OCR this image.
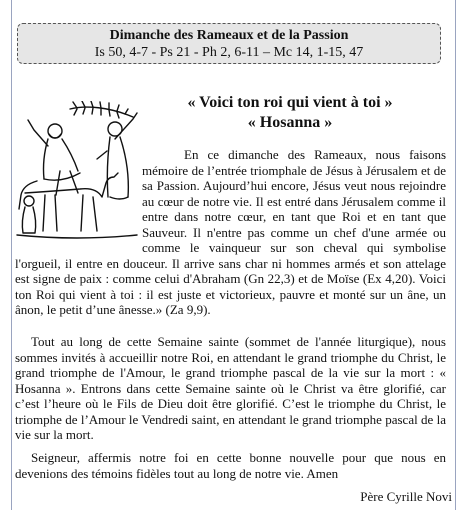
Dimanche des Rameaux et de la Passion
Is 50, 4-7 - Ps 21 - Ph 2, 6-11 – Mc 14, 1-15, 47
« Voici ton roi qui vient à toi »
« Hosanna »
En ce dimanche des Rameaux, nous faisons mémoire de l’entrée triomphale de Jésus à Jérusalem et de sa Passion. Aujourd’hui encore, Jésus veut nous rejoindre au cœur de notre vie. Il est entré dans Jérusalem comme il entre dans notre cœur, en tant que Roi et en tant que Sauveur. Il n'entre pas comme un chef d'une armée ou comme le vainqueur sur son cheval qui symbolise l'orgueil, il entre en douceur. Il arrive sans char ni hommes armés et son attelage est signe de paix : comme celui d'Abraham (Gn 22,3) et de Moïse (Ex 4,20). Voici ton Roi qui vient à toi : il est juste et victorieux, pauvre et monté sur un âne, un ânon, le petit d’une ânesse.» (Za 9,9).

Tout au long de cette Semaine sainte (sommet de l'année liturgique), nous sommes invités à accueillir notre Roi, en attendant le grand triomphe du Christ, le grand triomphe de l'Amour, le grand triomphe pascal de la vie sur la mort : « Hosanna ». Entrons dans cette Semaine sainte où le Christ va être glorifié, car c’est l’heure où le Fils de Dieu doit être glorifié. C’est le triomphe du Christ, le triomphe de l’Amour le Vendredi saint, en attendant le grand triomphe pascal de la vie sur la mort.

Seigneur, affermis notre foi en cette bonne nouvelle pour que nous en devenions des témoins fidèles tout au long de notre vie. Amen

Père Cyrille Novi
